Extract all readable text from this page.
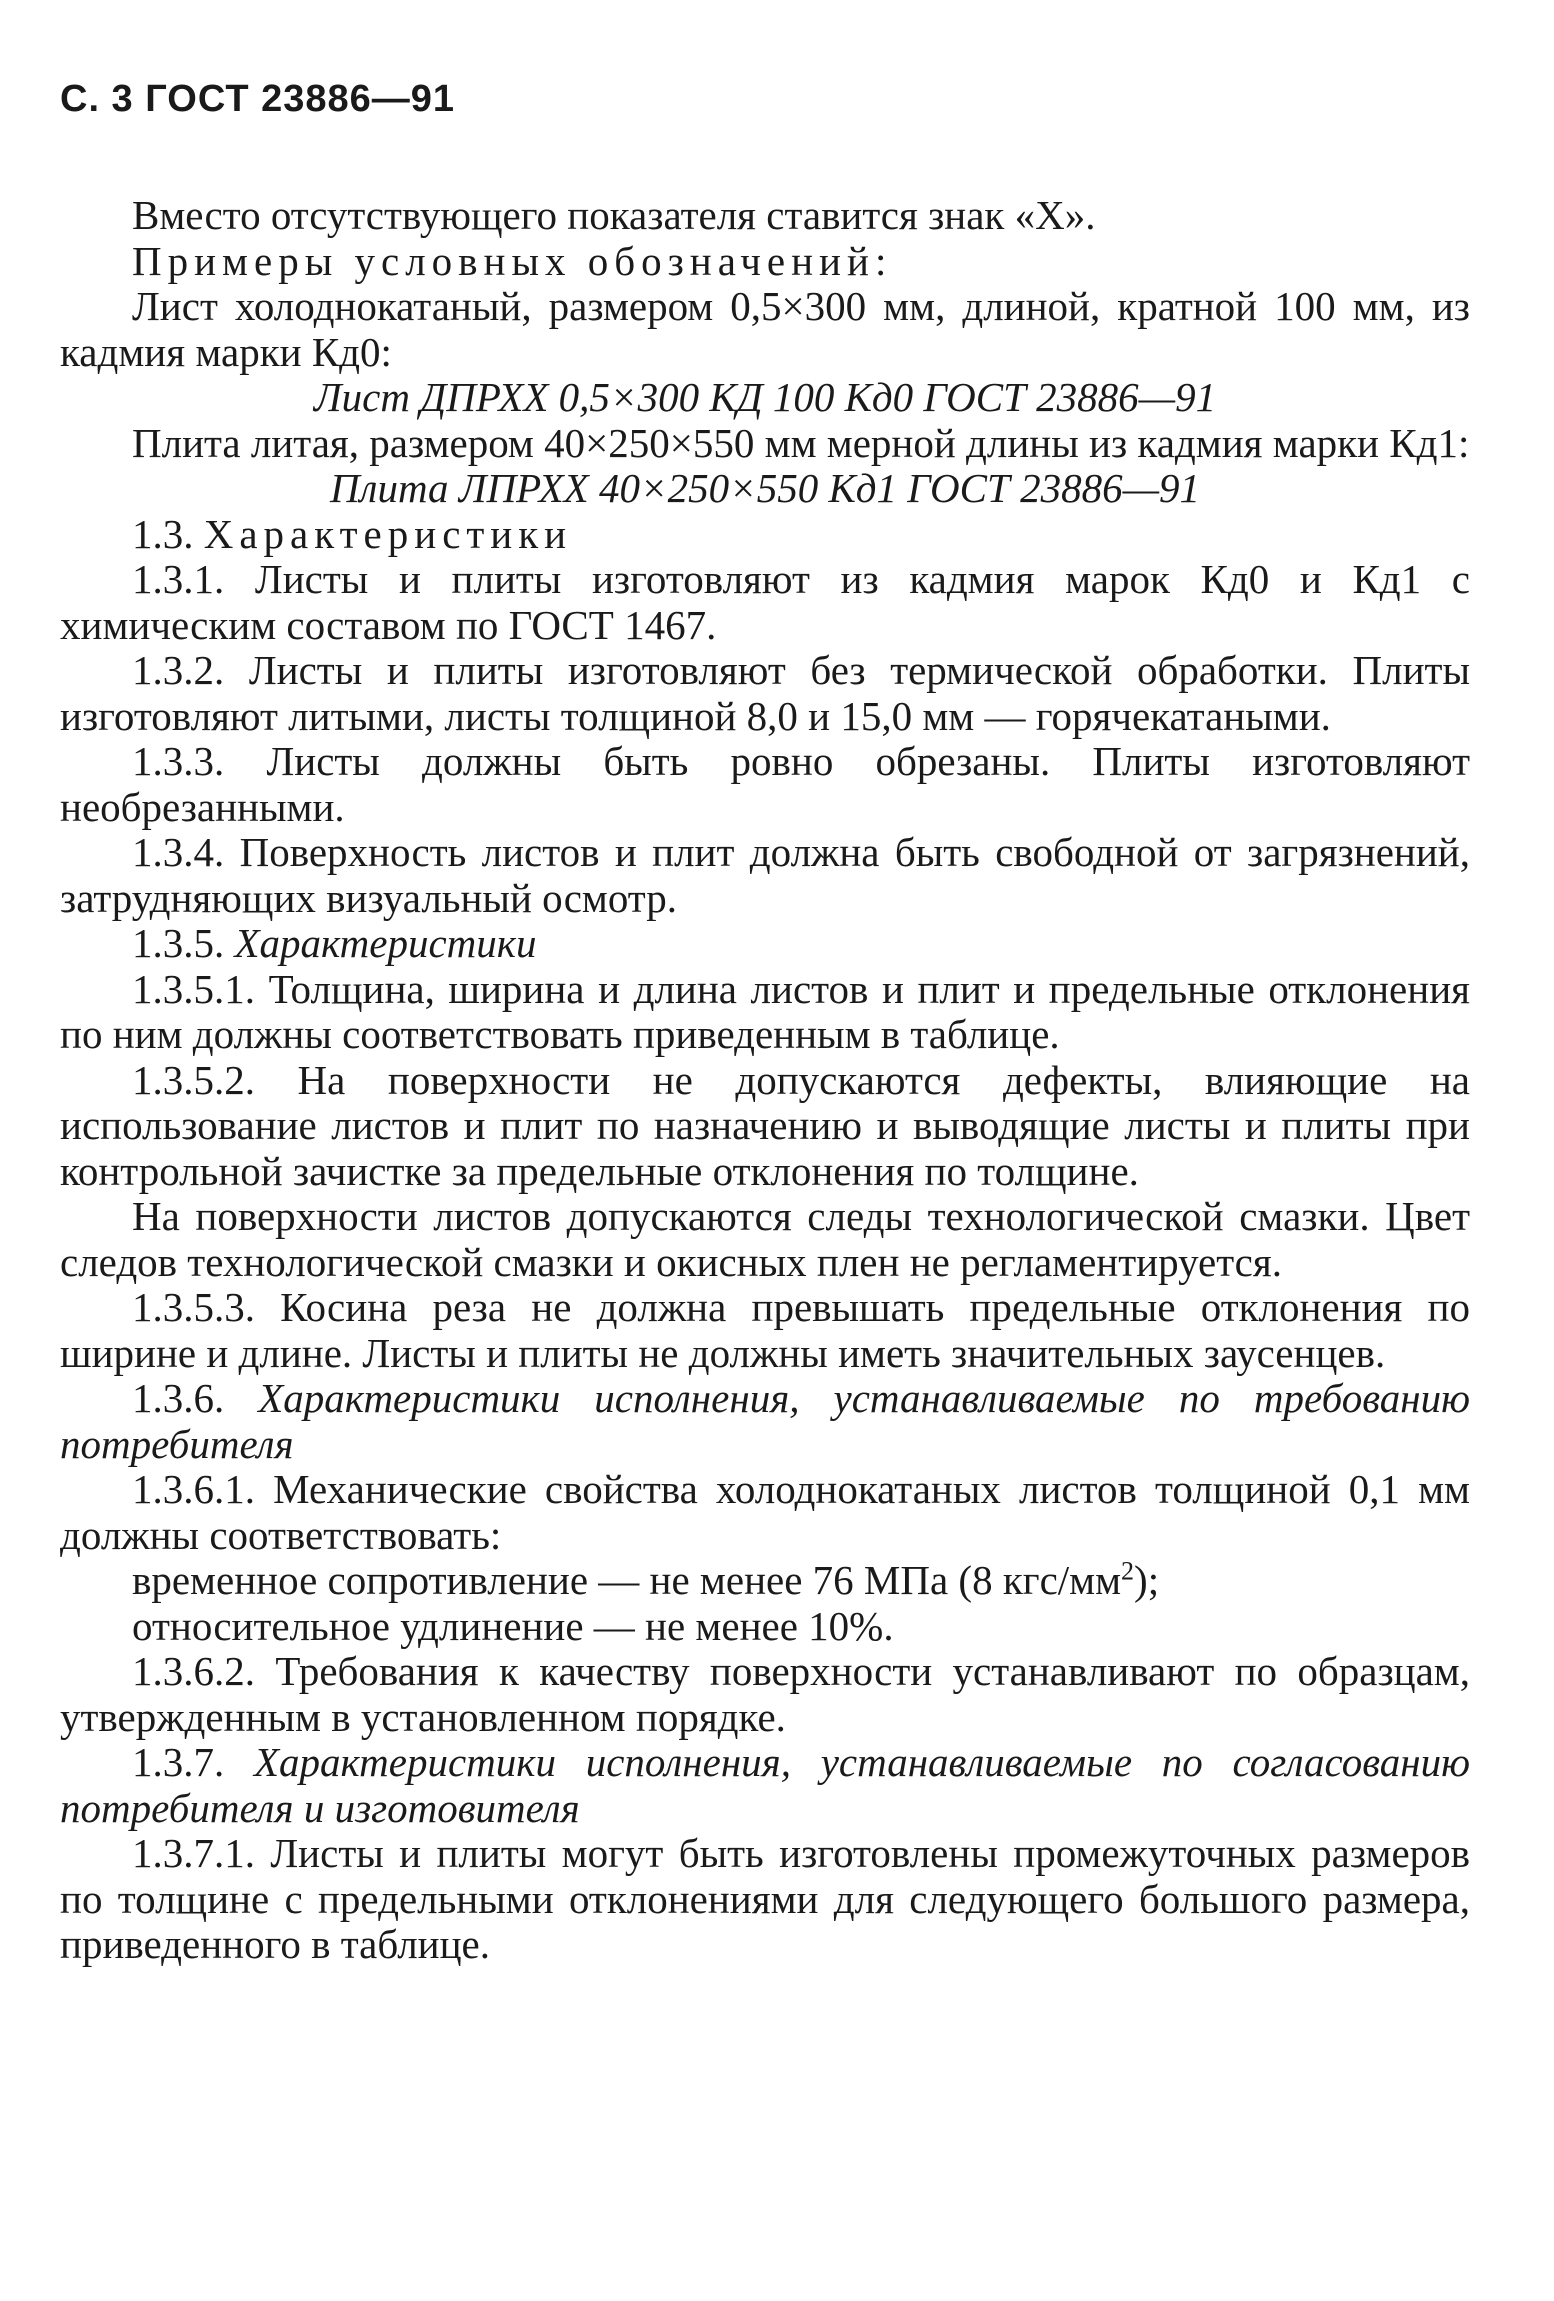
С. 3 ГОСТ 23886—91

Вместо отсутствующего показателя ставится знак «X».

Примеры условных обозначений:

Лист холоднокатаный, размером 0,5×300 мм, длиной, кратной 100 мм, из кадмия марки Кд0:

Лист ДПРХХ 0,5×300 КД 100 Кд0 ГОСТ 23886—91

Плита литая, размером 40×250×550 мм мерной длины из кадмия марки Кд1:

Плита ЛПРХХ 40×250×550 Кд1 ГОСТ 23886—91

1.3. Характеристики

1.3.1. Листы и плиты изготовляют из кадмия марок Кд0 и Кд1 с химическим составом по ГОСТ 1467.

1.3.2. Листы и плиты изготовляют без термической обработки. Плиты изготовляют литыми, листы толщиной 8,0 и 15,0 мм — горячекатаными.

1.3.3. Листы должны быть ровно обрезаны. Плиты изготовляют необрезанными.

1.3.4. Поверхность листов и плит должна быть свободной от загрязнений, затрудняющих визуальный осмотр.

1.3.5. Характеристики

1.3.5.1. Толщина, ширина и длина листов и плит и предельные отклонения по ним должны соответствовать приведенным в таблице.

1.3.5.2. На поверхности не допускаются дефекты, влияющие на использование листов и плит по назначению и выводящие листы и плиты при контрольной зачистке за предельные отклонения по толщине.

На поверхности листов допускаются следы технологической смазки. Цвет следов технологической смазки и окисных плен не регламентируется.

1.3.5.3. Косина реза не должна превышать предельные отклонения по ширине и длине. Листы и плиты не должны иметь значительных заусенцев.

1.3.6. Характеристики исполнения, устанавливаемые по требованию потребителя

1.3.6.1. Механические свойства холоднокатаных листов толщиной 0,1 мм должны соответствовать:

временное сопротивление — не менее 76 МПа (8 кгс/$мм^2$);

относительное удлинение — не менее 10%.

1.3.6.2. Требования к качеству поверхности устанавливают по образцам, утвержденным в установленном порядке.

1.3.7. Характеристики исполнения, устанавливаемые по согласованию потребителя и изготовителя

1.3.7.1. Листы и плиты могут быть изготовлены промежуточных размеров по толщине с предельными отклонениями для следующего большого размера, приведенного в таблице.
